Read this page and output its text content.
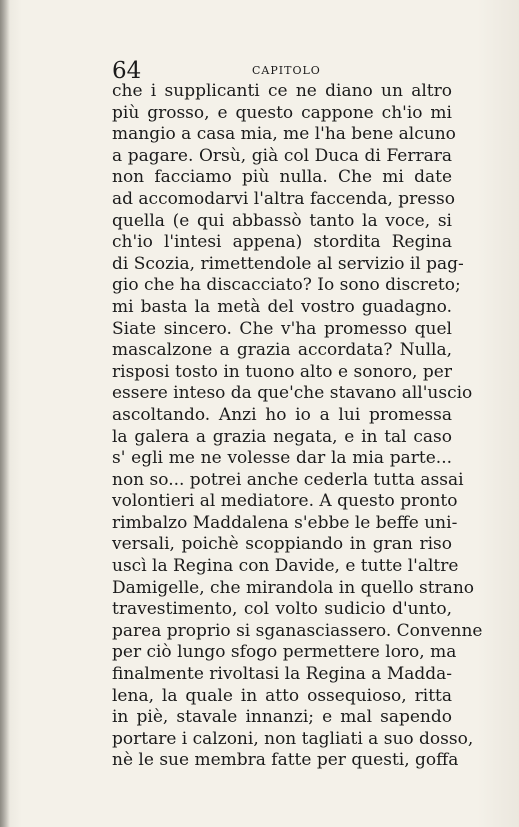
64	CAPITOLO
che i supplicanti ce ne diano un altro
più grosso, e questo cappone ch'io mi
mangio a casa mia, me l'ha bene alcuno
a pagare. Orsù, già col Duca di Ferrara
non facciamo più nulla. Che mi date
ad accomodarvi l'altra faccenda, presso
quella (e qui abbassò tanto la voce, si
ch'io l'intesi appena) stordita Regina
di Scozia, rimettendole al servizio il pag-
gio che ha discacciato? Io sono discreto;
mi basta la metà del vostro guadagno.
Siate sincero. Che v'ha promesso quel
mascalzone a grazia accordata? Nulla,
risposi tosto in tuono alto e sonoro, per
essere inteso da que'che stavano all'uscio
ascoltando. Anzi ho io a lui promessa
la galera a grazia negata, e in tal caso
s' egli me ne volesse dar la mia parte...
non so... potrei anche cederla tutta assai
volontieri al mediatore. A questo pronto
rimbalzo Maddalena s'ebbe le beffe uni-
versali, poichè scoppiando in gran riso
uscì la Regina con Davide, e tutte l'altre
Damigelle, che mirandola in quello strano
travestimento, col volto sudicio d'unto,
parea proprio si sganasciassero. Convenne
per ciò lungo sfogo permettere loro, ma
finalmente rivoltasi la Regina a Madda-
lena, la quale in atto ossequioso, ritta
in piè, stavale innanzi; e mal sapendo
portare i calzoni, non tagliati a suo dosso,
nè le sue membra fatte per questi, goffa
